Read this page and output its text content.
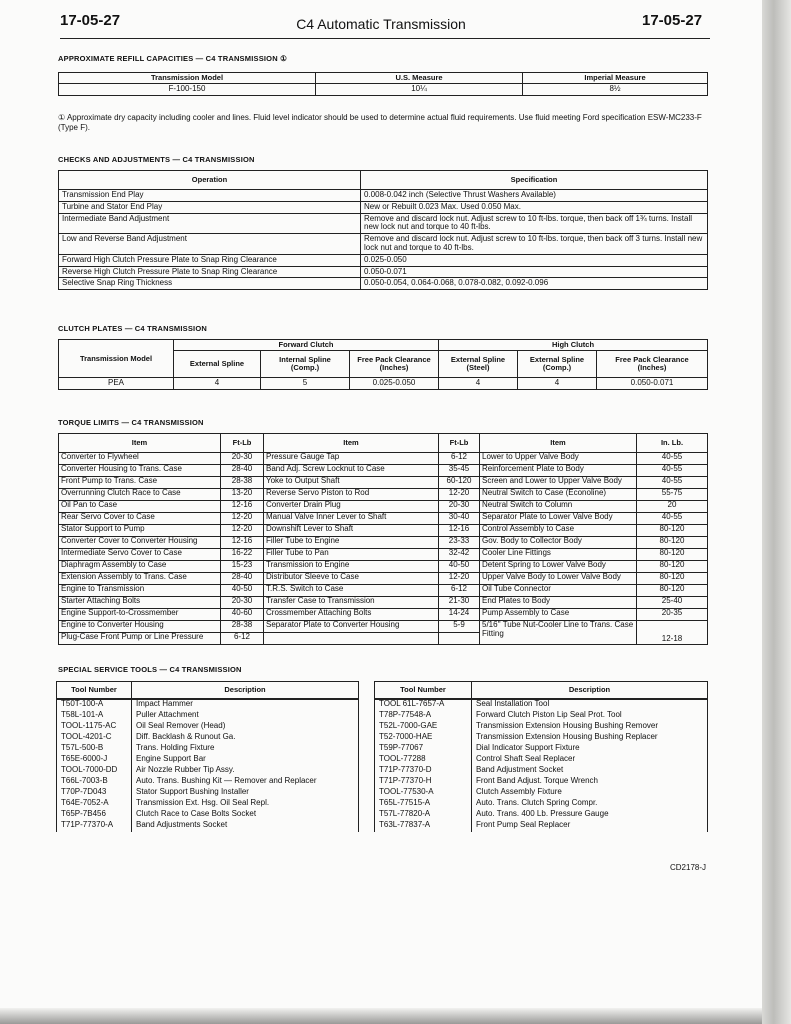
17-05-27	C4 Automatic Transmission	17-05-27
APPROXIMATE REFILL CAPACITIES — C4 TRANSMISSION ①
Transmission Model	U.S. Measure	Imperial Measure
F-100-150	10¼	8½
① Approximate dry capacity including cooler and lines. Fluid level indicator should be used to determine actual fluid requirements. Use fluid meeting Ford specification ESW-MC233-F (Type F).
CHECKS AND ADJUSTMENTS — C4 TRANSMISSION
Operation	Specification
Transmission End Play	0.008-0.042 inch (Selective Thrust Washers Available)
Turbine and Stator End Play	New or Rebuilt 0.023 Max. Used 0.050 Max.
Intermediate Band Adjustment	Remove and discard lock nut. Adjust screw to 10 ft-lbs. torque, then back off 1¾ turns. Install new lock nut and torque to 40 ft-lbs.
Low and Reverse Band Adjustment	Remove and discard lock nut. Adjust screw to 10 ft-lbs. torque, then back off 3 turns. Install new lock nut and torque to 40 ft-lbs.
Forward High Clutch Pressure Plate to Snap Ring Clearance	0.025-0.050
Reverse High Clutch Pressure Plate to Snap Ring Clearance	0.050-0.071
Selective Snap Ring Thickness	0.050-0.054, 0.064-0.068, 0.078-0.082, 0.092-0.096
CLUTCH PLATES — C4 TRANSMISSION
Transmission Model	Forward Clutch			High Clutch		
	External Spline	Internal Spline (Comp.)	Free Pack Clearance (Inches)	External Spline (Steel)	External Spline (Comp.)	Free Pack Clearance (Inches)
PEA	4	5	0.025-0.050	4	4	0.050-0.071
TORQUE LIMITS — C4 TRANSMISSION
Item	Ft-Lb	Item	Ft-Lb	Item	In. Lb.
Converter to Flywheel	20-30	Pressure Gauge Tap	6-12	Lower to Upper Valve Body	40-55
Converter Housing to Trans. Case	28-40	Band Adj. Screw Locknut to Case	35-45	Reinforcement Plate to Body	40-55
Front Pump to Trans. Case	28-38	Yoke to Output Shaft	60-120	Screen and Lower to Upper Valve Body	40-55
Overrunning Clutch Race to Case	13-20	Reverse Servo Piston to Rod	12-20	Neutral Switch to Case (Econoline)	55-75
Oil Pan to Case	12-16	Converter Drain Plug	20-30	Neutral Switch to Column	20
Rear Servo Cover to Case	12-20	Manual Valve Inner Lever to Shaft	30-40	Separator Plate to Lower Valve Body	40-55
Stator Support to Pump	12-20	Downshift Lever to Shaft	12-16	Control Assembly to Case	80-120
Converter Cover to Converter Housing	12-16	Filler Tube to Engine	23-33	Gov. Body to Collector Body	80-120
Intermediate Servo Cover to Case	16-22	Filler Tube to Pan	32-42	Cooler Line Fittings	80-120
Diaphragm Assembly to Case	15-23	Transmission to Engine	40-50	Detent Spring to Lower Valve Body	80-120
Extension Assembly to Trans. Case	28-40	Distributor Sleeve to Case	12-20	Upper Valve Body to Lower Valve Body	80-120
Engine to Transmission	40-50	T.R.S. Switch to Case	6-12	Oil Tube Connector	80-120
Starter Attaching Bolts	20-30	Transfer Case to Transmission	21-30	End Plates to Body	25-40
Engine Support-to-Crossmember	40-60	Crossmember Attaching Bolts	14-24	Pump Assembly to Case	20-35
Engine to Converter Housing	28-38	Separator Plate to Converter Housing	5-9	5/16'' Tube Nut-Cooler Line to Trans. Case Fitting	12-18
Plug-Case Front Pump or Line Pressure	6-12				
SPECIAL SERVICE TOOLS — C4 TRANSMISSION
Tool Number	Description
T50T-100-A	Impact Hammer
T58L-101-A	Puller Attachment
TOOL-1175-AC	Oil Seal Remover (Head)
TOOL-4201-C	Diff. Backlash & Runout Ga.
T57L-500-B	Trans. Holding Fixture
T65E-6000-J	Engine Support Bar
TOOL-7000-DD	Air Nozzle Rubber Tip Assy.
T66L-7003-B	Auto. Trans. Bushing Kit — Remover and Replacer
T70P-7D043	Stator Support Bushing Installer
T64E-7052-A	Transmission Ext. Hsg. Oil Seal Repl.
T65P-7B456	Clutch Race to Case Bolts Socket
T71P-77370-A	Band Adjustments Socket
Tool Number	Description
TOOL 61L-7657-A	Seal Installation Tool
T78P-77548-A	Forward Clutch Piston Lip Seal Prot. Tool
T52L-7000-GAE	Transmission Extension Housing Bushing Remover
T52-7000-HAE	Transmission Extension Housing Bushing Replacer
T59P-77067	Dial Indicator Support Fixture
TOOL-77288	Control Shaft Seal Replacer
T71P-77370-D	Band Adjustment Socket
T71P-77370-H	Front Band Adjust. Torque Wrench
TOOL-77530-A	Clutch Assembly Fixture
T65L-77515-A	Auto. Trans. Clutch Spring Compr.
T57L-77820-A	Auto. Trans. 400 Lb. Pressure Gauge
T63L-77837-A	Front Pump Seal Replacer
CD2178-J
